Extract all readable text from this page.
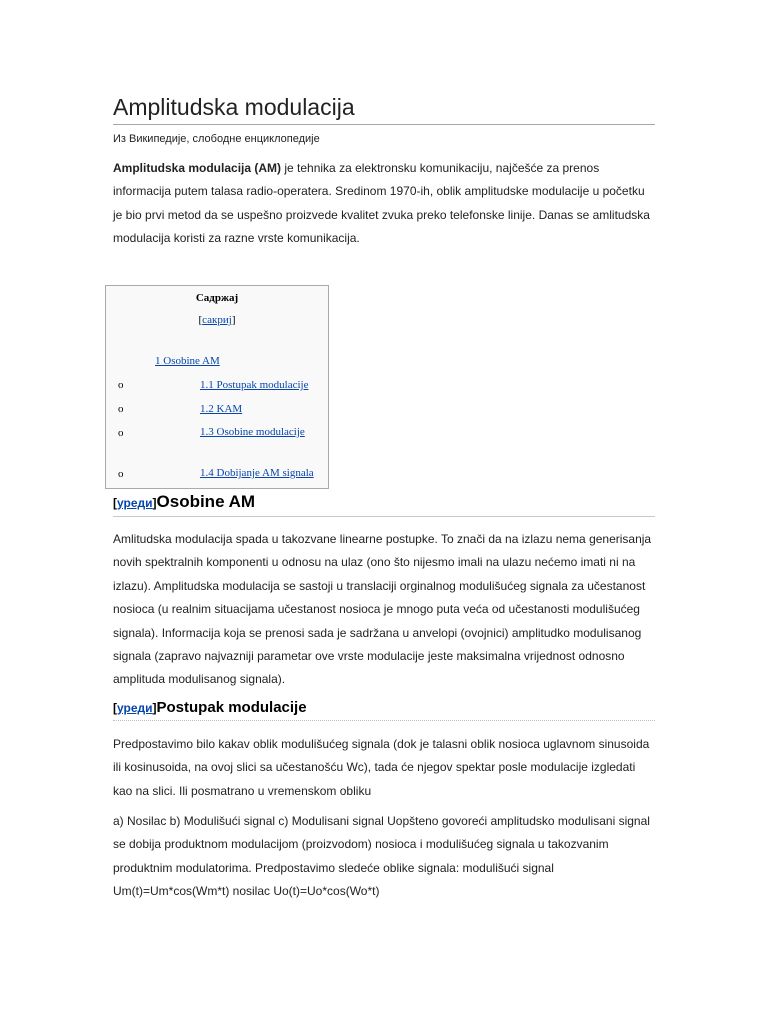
Amplitudska modulacija
Из Википедије, слободне енциклопедије

Amplitudska modulacija (AM) je tehnika za elektronsku komunikaciju, najčešće za prenos informacija putem talasa radio-operatera. Sredinom 1970-ih, oblik amplitudske modulacije u početku je bio prvi metod da se uspešno proizvede kvalitet zvuka preko telefonske linije. Danas se amlitudska modulacija koristi za razne vrste komunikacija.

Садржај
[сакриј]
1 Osobine AM
o	1.1 Postupak modulacije
o	1.2 KAM
o	1.3 Osobine modulacije
o	1.4 Dobijanje AM signala
[уреди]Osobine AM

Amlitudska modulacija spada u takozvane linearne postupke. To znači da na izlazu nema generisanja novih spektralnih komponenti u odnosu na ulaz (ono što nijesmo imali na ulazu nećemo imati ni na izlazu). Amplitudska modulacija se sastoji u translaciji orginalnog modulišućeg signala za učestanost nosioca (u realnim situacijama učestanost nosioca je mnogo puta veća od učestanosti modulišućeg signala). Informacija koja se prenosi sada je sadržana u anvelopi (ovojnici) amplitudko modulisanog signala (zapravo najvazniji parametar ove vrste modulacije jeste maksimalna vrijednost odnosno amplituda modulisanog signala).

[уреди]Postupak modulacije

Predpostavimo bilo kakav oblik modulišućeg signala (dok je talasni oblik nosioca uglavnom sinusoida ili kosinusoida, na ovoj slici sa učestanošću Wc), tada će njegov spektar posle modulacije izgledati kao na slici. Ili posmatrano u vremenskom obliku

a) Nosilac b) Modulišući signal c) Modulisani signal Uopšteno govoreći amplitudsko modulisani signal se dobija produktnom modulacijom (proizvodom) nosioca i modulišućeg signala u takozvanim produktnim modulatorima. Predpostavimo sledeće oblike signala: modulišući signal Um(t)=Um*cos(Wm*t) nosilac Uo(t)=Uo*cos(Wo*t)
